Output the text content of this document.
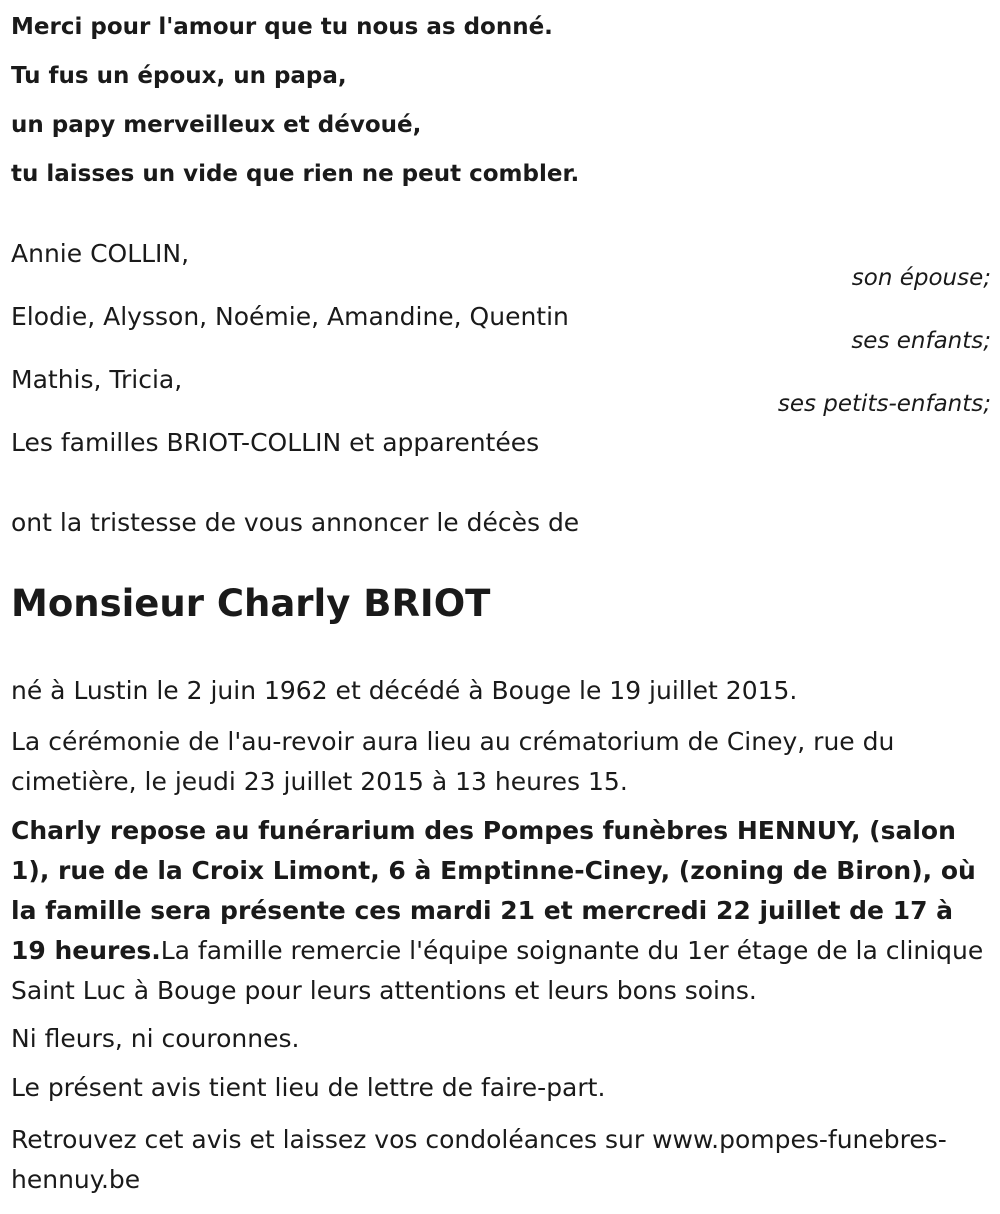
Merci pour l'amour que tu nous as donné.
Tu fus un époux, un papa,
un papy merveilleux et dévoué,
tu laisses un vide que rien ne peut combler.
Annie COLLIN,
son épouse;
Elodie, Alysson, Noémie, Amandine, Quentin
ses enfants;
Mathis, Tricia,
ses petits-enfants;
Les familles BRIOT-COLLIN et apparentées
ont la tristesse de vous annoncer le décès de
Monsieur Charly BRIOT
né à Lustin le 2 juin 1962 et décédé à Bouge le 19 juillet 2015.
La cérémonie de l'au-revoir aura lieu au crématorium de Ciney, rue du cimetière, le jeudi 23 juillet 2015 à 13 heures 15.
Charly repose au funérarium des Pompes funèbres HENNUY, (salon 1), rue de la Croix Limont, 6 à Emptinne-Ciney, (zoning de Biron), où la famille sera présente ces mardi 21 et mercredi 22 juillet de 17 à 19 heures.La famille remercie l'équipe soignante du 1er étage de la clinique Saint Luc à Bouge pour leurs attentions et leurs bons soins.
Ni fleurs, ni couronnes.
Le présent avis tient lieu de lettre de faire-part.
Retrouvez cet avis et laissez vos condoléances sur www.pompes-funebres-hennuy.be
